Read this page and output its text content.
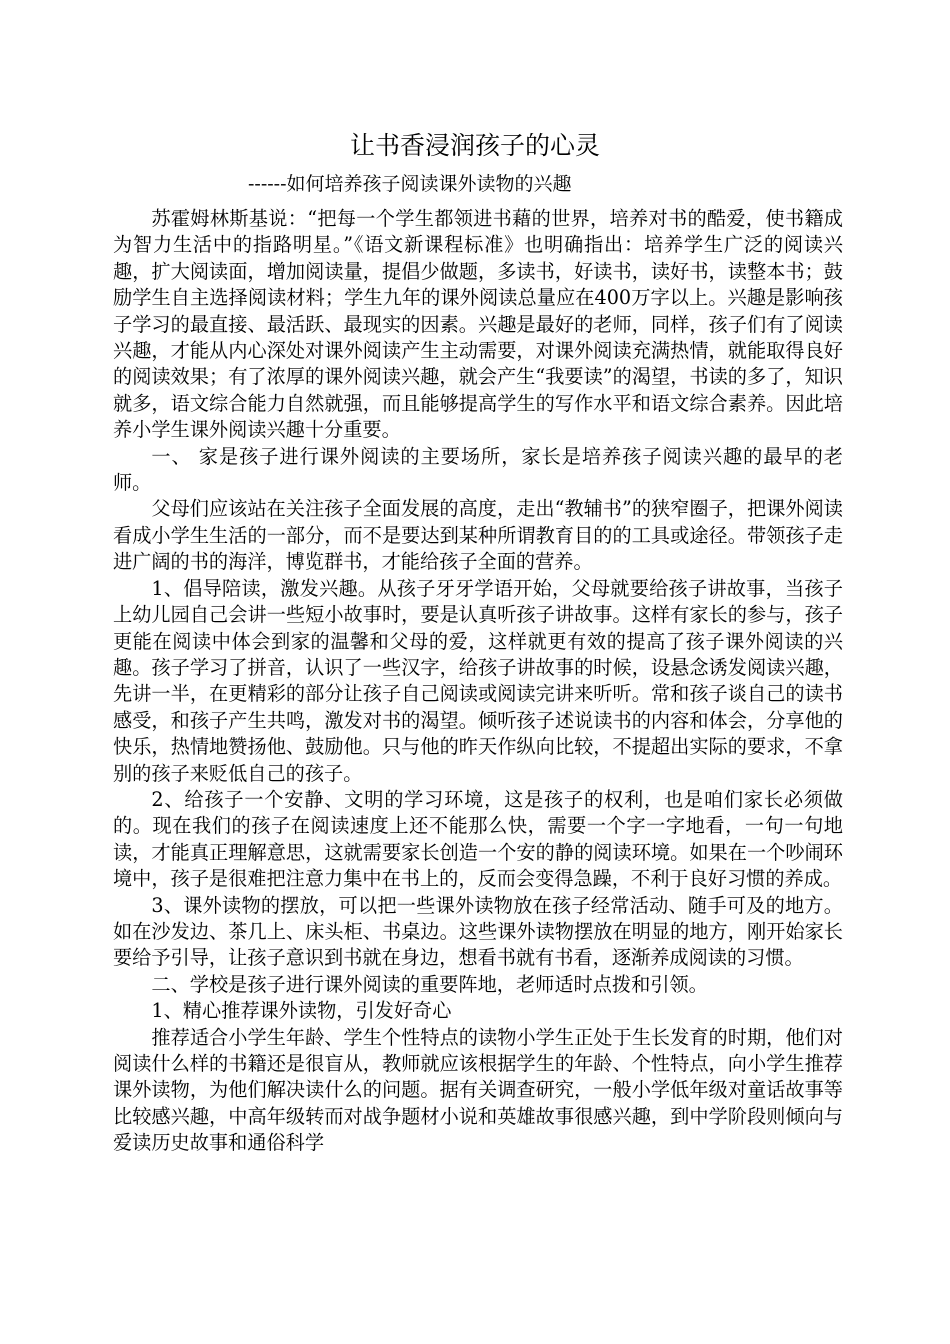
让书香浸润孩子的心灵
------如何培养孩子阅读课外读物的兴趣

苏霍姆林斯基说：“把每一个学生都领进书藉的世界，培养对书的酷爱，使书籍成为智力生活中的指路明星。”《语文新课程标准》也明确指出：培养学生广泛的阅读兴趣，扩大阅读面，增加阅读量，提倡少做题，多读书，好读书，读好书，读整本书；鼓励学生自主选择阅读材料；学生九年的课外阅读总量应在400万字以上。兴趣是影响孩子学习的最直接、最活跃、最现实的因素。兴趣是最好的老师，同样，孩子们有了阅读兴趣，才能从内心深处对课外阅读产生主动需要，对课外阅读充满热情，就能取得良好的阅读效果；有了浓厚的课外阅读兴趣，就会产生“我要读”的渴望，书读的多了，知识就多，语文综合能力自然就强，而且能够提高学生的写作水平和语文综合素养。因此培养小学生课外阅读兴趣十分重要。

一、 家是孩子进行课外阅读的主要场所，家长是培养孩子阅读兴趣的最早的老师。

父母们应该站在关注孩子全面发展的高度，走出“教辅书”的狭窄圈子，把课外阅读看成小学生生活的一部分，而不是要达到某种所谓教育目的的工具或途径。带领孩子走进广阔的书的海洋，博览群书，才能给孩子全面的营养。

1、倡导陪读，激发兴趣。从孩子牙牙学语开始，父母就要给孩子讲故事，当孩子上幼儿园自己会讲一些短小故事时，要是认真听孩子讲故事。这样有家长的参与，孩子更能在阅读中体会到家的温馨和父母的爱，这样就更有效的提高了孩子课外阅读的兴趣。孩子学习了拼音，认识了一些汉字，给孩子讲故事的时候，设悬念诱发阅读兴趣，先讲一半，在更精彩的部分让孩子自己阅读或阅读完讲来听听。常和孩子谈自己的读书感受，和孩子产生共鸣，激发对书的渴望。倾听孩子述说读书的内容和体会，分享他的快乐，热情地赞扬他、鼓励他。只与他的昨天作纵向比较，不提超出实际的要求，不拿别的孩子来贬低自己的孩子。

2、给孩子一个安静、文明的学习环境，这是孩子的权利，也是咱们家长必须做的。现在我们的孩子在阅读速度上还不能那么快，需要一个字一字地看，一句一句地读，才能真正理解意思，这就需要家长创造一个安的静的阅读环境。如果在一个吵闹环境中，孩子是很难把注意力集中在书上的，反而会变得急躁，不利于良好习惯的养成。

3、课外读物的摆放，可以把一些课外读物放在孩子经常活动、随手可及的地方。如在沙发边、茶几上、床头柜、书桌边。这些课外读物摆放在明显的地方，刚开始家长要给予引导，让孩子意识到书就在身边，想看书就有书看，逐渐养成阅读的习惯。

二、学校是孩子进行课外阅读的重要阵地，老师适时点拨和引领。

1、精心推荐课外读物，引发好奇心

推荐适合小学生年龄、学生个性特点的读物小学生正处于生长发育的时期，他们对阅读什么样的书籍还是很盲从，教师就应该根据学生的年龄、个性特点，向小学生推荐课外读物，为他们解决读什么的问题。据有关调查研究，一般小学低年级对童话故事等比较感兴趣，中高年级转而对战争题材小说和英雄故事很感兴趣，到中学阶段则倾向与爱读历史故事和通俗科学
